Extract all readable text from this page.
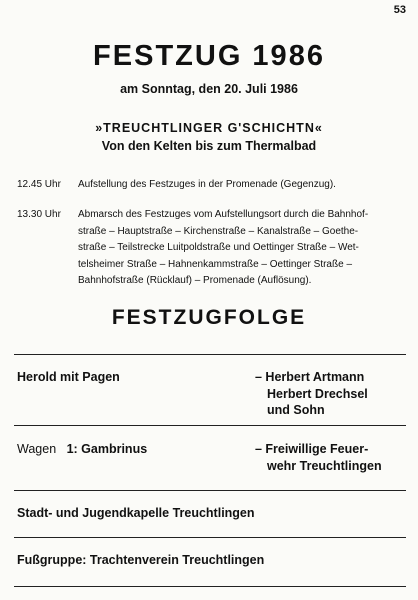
53
FESTZUG 1986
am Sonntag, den 20. Juli 1986
»TREUCHTLINGER G'SCHICHTN«
Von den Kelten bis zum Thermalbad
12.45 Uhr	Aufstellung des Festzuges in der Promenade (Gegenzug).
13.30 Uhr	Abmarsch des Festzuges vom Aufstellungsort durch die Bahnhof-
straße – Hauptstraße – Kirchenstraße – Kanalstraße – Goethe-
straße – Teilstrecke Luitpoldstraße und Oettinger Straße – Wet-
telsheimer Straße – Hahnenkammstraße – Oettinger Straße –
Bahnhofstraße (Rücklauf) – Promenade (Auflösung).
FESTZUGFOLGE
Herold mit Pagen	– Herbert Artmann
Herbert Drechsel
und Sohn
Wagen 1: Gambrinus	– Freiwillige Feuer-
wehr Treuchtlingen
Stadt- und Jugendkapelle Treuchtlingen
Fußgruppe: Trachtenverein Treuchtlingen
